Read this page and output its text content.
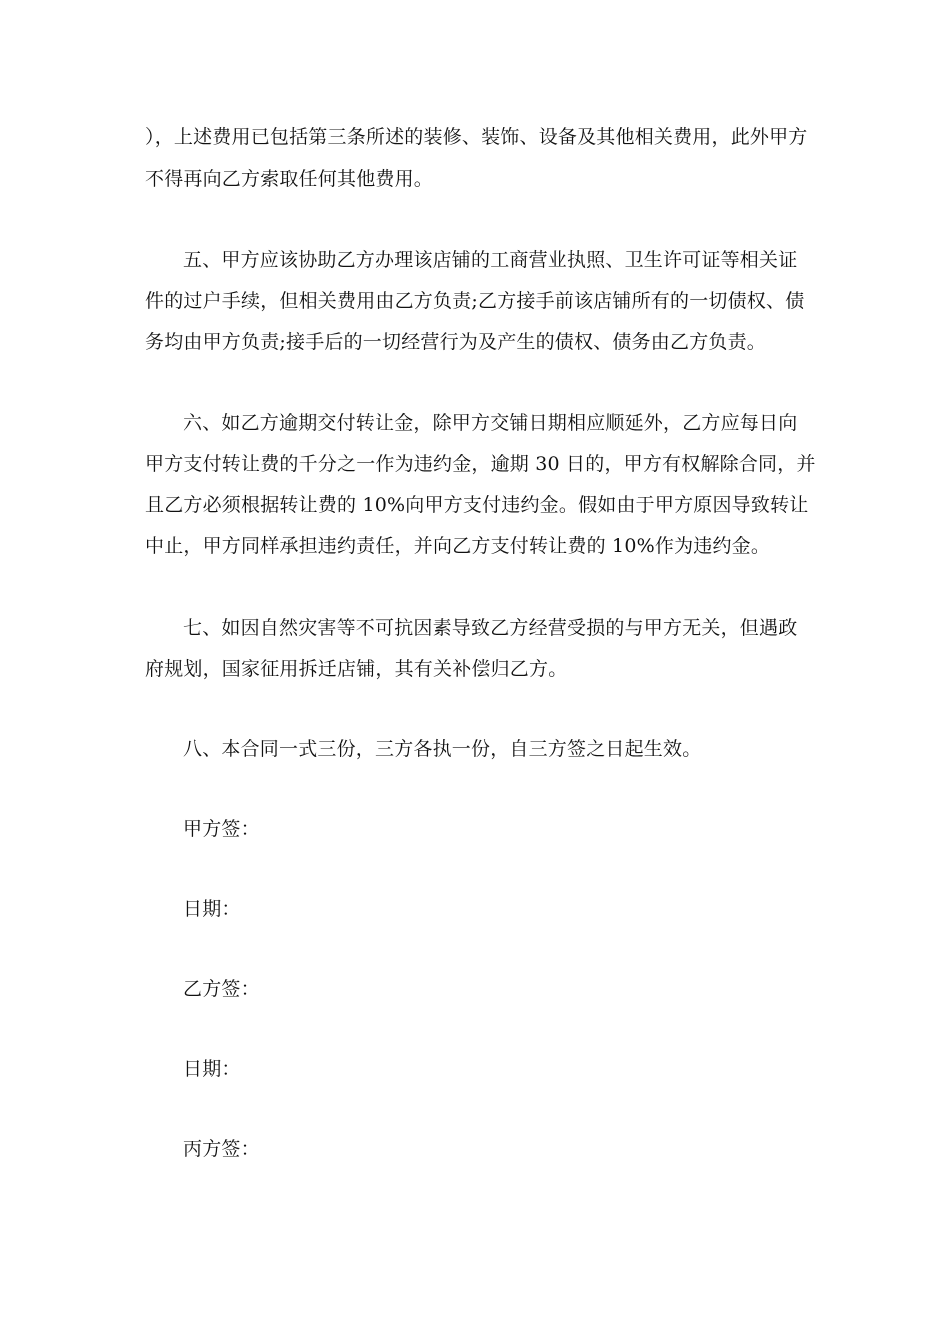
），上述费用已包括第三条所述的装修、装饰、设备及其他相关费用，此外甲方
不得再向乙方索取任何其他费用。
五、甲方应该协助乙方办理该店铺的工商营业执照、卫生许可证等相关证
件的过户手续，但相关费用由乙方负责;乙方接手前该店铺所有的一切债权、债
务均由甲方负责;接手后的一切经营行为及产生的债权、债务由乙方负责。
六、如乙方逾期交付转让金，除甲方交铺日期相应顺延外，乙方应每日向
甲方支付转让费的千分之一作为违约金，逾期 30 日的，甲方有权解除合同，并
且乙方必须根据转让费的 10%向甲方支付违约金。假如由于甲方原因导致转让
中止，甲方同样承担违约责任，并向乙方支付转让费的 10%作为违约金。
七、如因自然灾害等不可抗因素导致乙方经营受损的与甲方无关，但遇政
府规划，国家征用拆迁店铺，其有关补偿归乙方。
八、本合同一式三份，三方各执一份，自三方签之日起生效。
甲方签：
日期：
乙方签：
日期：
丙方签：
